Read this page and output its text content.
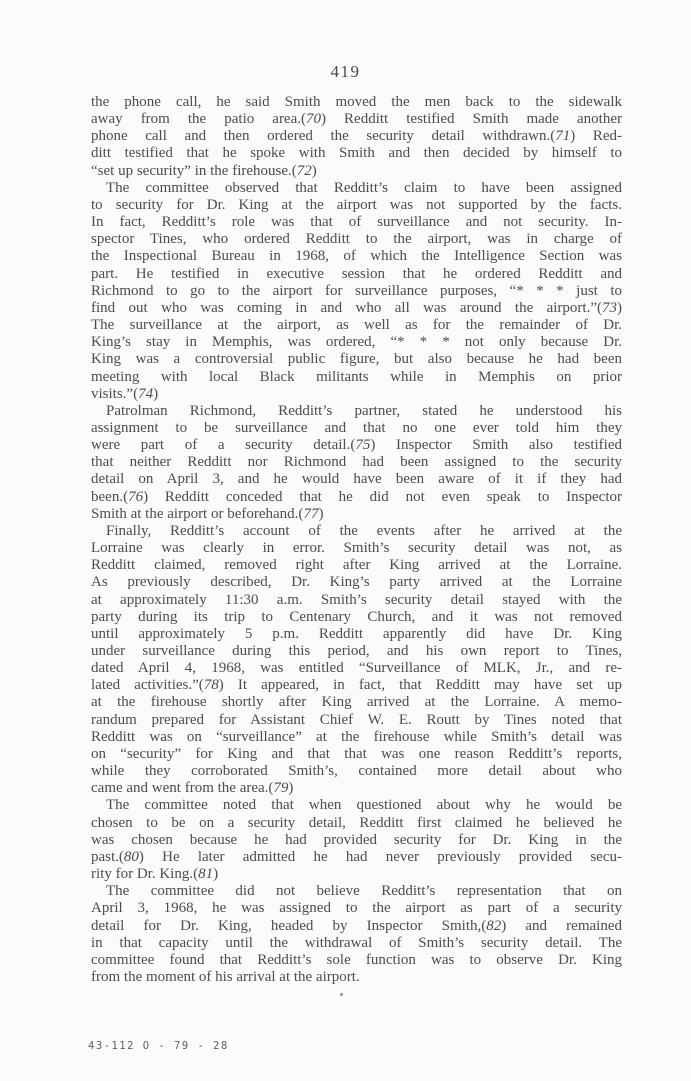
419
the phone call, he said Smith moved the men back to the sidewalk
away from the patio area.(70) Redditt testified Smith made another
phone call and then ordered the security detail withdrawn.(71) Red-
ditt testified that he spoke with Smith and then decided by himself to
“set up security” in the firehouse.(72)
The committee observed that Redditt’s claim to have been assigned
to security for Dr. King at the airport was not supported by the facts.
In fact, Redditt’s role was that of surveillance and not security. In-
spector Tines, who ordered Redditt to the airport, was in charge of
the Inspectional Bureau in 1968, of which the Intelligence Section was
part. He testified in executive session that he ordered Redditt and
Richmond to go to the airport for surveillance purposes, “* * * just to
find out who was coming in and who all was around the airport.”(73)
The surveillance at the airport, as well as for the remainder of Dr.
King’s stay in Memphis, was ordered, “* * * not only because Dr.
King was a controversial public figure, but also because he had been
meeting with local Black militants while in Memphis on prior
visits.”(74)
Patrolman Richmond, Redditt’s partner, stated he understood his
assignment to be surveillance and that no one ever told him they
were part of a security detail.(75) Inspector Smith also testified
that neither Redditt nor Richmond had been assigned to the security
detail on April 3, and he would have been aware of it if they had
been.(76) Redditt conceded that he did not even speak to Inspector
Smith at the airport or beforehand.(77)
Finally, Redditt’s account of the events after he arrived at the
Lorraine was clearly in error. Smith’s security detail was not, as
Redditt claimed, removed right after King arrived at the Lorraine.
As previously described, Dr. King’s party arrived at the Lorraine
at approximately 11:30 a.m. Smith’s security detail stayed with the
party during its trip to Centenary Church, and it was not removed
until approximately 5 p.m. Redditt apparently did have Dr. King
under surveillance during this period, and his own report to Tines,
dated April 4, 1968, was entitled “Surveillance of MLK, Jr., and re-
lated activities.”(78) It appeared, in fact, that Redditt may have set up
at the firehouse shortly after King arrived at the Lorraine. A memo-
randum prepared for Assistant Chief W. E. Routt by Tines noted that
Redditt was on “surveillance” at the firehouse while Smith’s detail was
on “security” for King and that that was one reason Redditt’s reports,
while they corroborated Smith’s, contained more detail about who
came and went from the area.(79)
The committee noted that when questioned about why he would be
chosen to be on a security detail, Redditt first claimed he believed he
was chosen because he had provided security for Dr. King in the
past.(80) He later admitted he had never previously provided secu-
rity for Dr. King.(81)
The committee did not believe Redditt’s representation that on
April 3, 1968, he was assigned to the airport as part of a security
detail for Dr. King, headed by Inspector Smith,(82) and remained
in that capacity until the withdrawal of Smith’s security detail. The
committee found that Redditt’s sole function was to observe Dr. King
from the moment of his arrival at the airport.
43-112 O - 79 - 28
